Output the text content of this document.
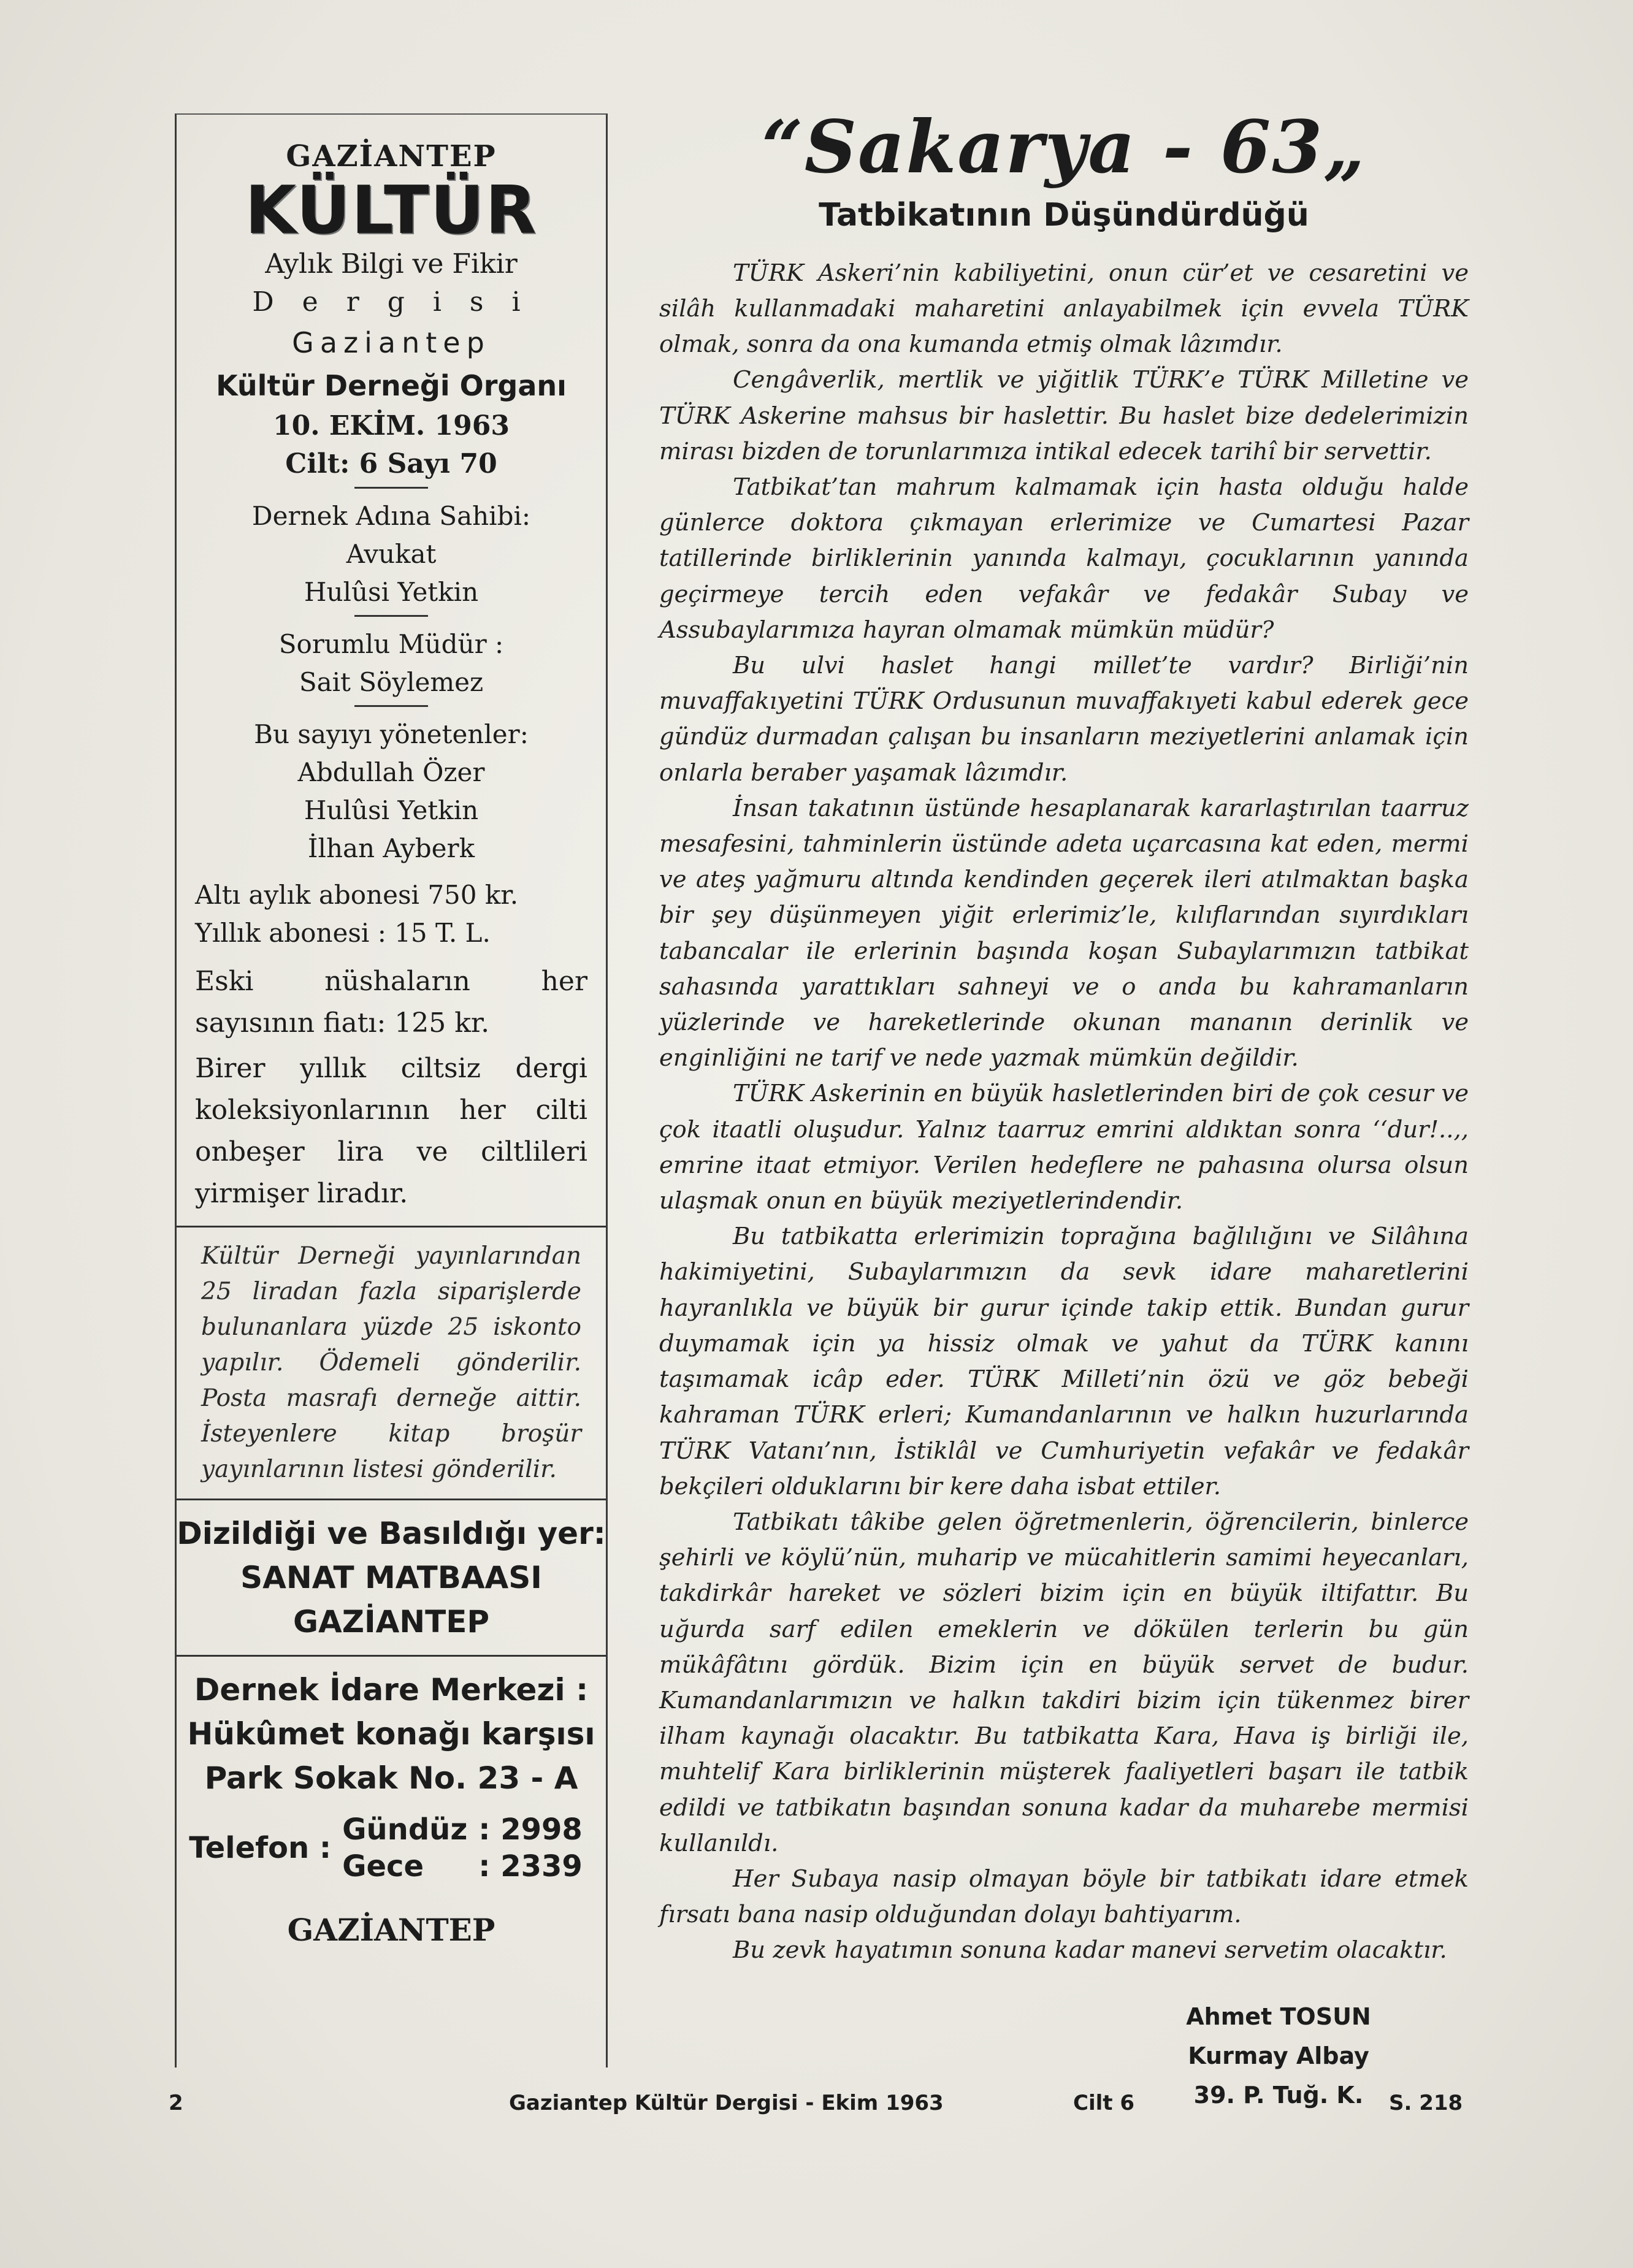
GAZİANTEP
KÜLTÜR
Aylık Bilgi ve Fikir
D e r g i s i
Gaziantep
Kültür Derneği Organı
10. EKİM. 1963
Cilt: 6 Sayı 70
Dernek Adına Sahibi:
Avukat
Hulûsi Yetkin
Sorumlu Müdür :
Sait Söylemez
Bu sayıyı yönetenler:
Abdullah Özer
Hulûsi Yetkin
İlhan Ayberk
Altı aylık abonesi 750 kr.
Yıllık abonesi : 15 T. L.
Eski nüshaların her sayısının fiatı: 125 kr.
Birer yıllık ciltsiz dergi koleksiyonlarının her cilti onbeşer lira ve ciltlileri yirmişer liradır.
Kültür Derneği yayınlarından 25 liradan fazla siparişlerde bulunanlara yüzde 25 iskonto yapılır. Ödemeli gönderilir. Posta masrafı derneğe aittir. İsteyenlere kitap broşür yayınlarının listesi gönderilir.
Dizildiği ve Basıldığı yer:
SANAT MATBAASI
GAZİANTEP
Dernek İdare Merkezi :
Hükûmet konağı karşısı
Park Sokak No. 23 - A
Telefon :
Gündüz : 2998
Gece	: 2339
GAZİANTEP
“Sakarya - 63„
Tatbikatının Düşündürdüğü

TÜRK Askeri’nin kabiliyetini, onun cür’et ve cesaretini ve silâh kullanmadaki maharetini anlayabilmek için evvela TÜRK olmak, sonra da ona kumanda etmiş olmak lâzımdır.

Cengâverlik, mertlik ve yiğitlik TÜRK’e TÜRK Milletine ve TÜRK Askerine mahsus bir haslettir. Bu haslet bize dedelerimizin mirası bizden de torunlarımıza intikal edecek tarihî bir servettir.

Tatbikat’tan mahrum kalmamak için hasta olduğu halde günlerce doktora çıkmayan erlerimize ve Cumartesi Pazar tatillerinde birliklerinin yanında kalmayı, çocuklarının yanında geçirmeye tercih eden vefakâr ve fedakâr Subay ve Assubaylarımıza hayran olmamak mümkün müdür?

Bu ulvi haslet hangi millet’te vardır? Birliği’nin muvaffakıyetini TÜRK Ordusunun muvaffakıyeti kabul ederek gece gündüz durmadan çalışan bu insanların meziyetlerini anlamak için onlarla beraber yaşamak lâzımdır.

İnsan takatının üstünde hesaplanarak kararlaştırılan taarruz mesafesini, tahminlerin üstünde adeta uçarcasına kat eden, mermi ve ateş yağmuru altında kendinden geçerek ileri atılmaktan başka bir şey düşünmeyen yiğit erlerimiz’le, kılıflarından sıyırdıkları tabancalar ile erlerinin başında koşan Subaylarımızın tatbikat sahasında yarattıkları sahneyi ve o anda bu kahramanların yüzlerinde ve hareketlerinde okunan mananın derinlik ve enginliğini ne tarif ve nede yazmak mümkün değildir.

TÜRK Askerinin en büyük hasletlerinden biri de çok cesur ve çok itaatli oluşudur. Yalnız taarruz emrini aldıktan sonra ‘‘dur!..,, emrine itaat etmiyor. Verilen hedeflere ne pahasına olursa olsun ulaşmak onun en büyük meziyetlerindendir.

Bu tatbikatta erlerimizin toprağına bağlılığını ve Silâhına hakimiyetini, Subaylarımızın da sevk idare maharetlerini hayranlıkla ve büyük bir gurur içinde takip ettik. Bundan gurur duymamak için ya hissiz olmak ve yahut da TÜRK kanını taşımamak icâp eder. TÜRK Milleti’nin özü ve göz bebeği kahraman TÜRK erleri; Kumandanlarının ve halkın huzurlarında TÜRK Vatanı’nın, İstiklâl ve Cumhuriyetin vefakâr ve fedakâr bekçileri olduklarını bir kere daha isbat ettiler.

Tatbikatı tâkibe gelen öğretmenlerin, öğrencilerin, binlerce şehirli ve köylü’nün, muharip ve mücahitlerin samimi heyecanları, takdirkâr hareket ve sözleri bizim için en büyük iltifattır. Bu uğurda sarf edilen emeklerin ve dökülen terlerin bu gün mükâfâtını gördük. Bizim için en büyük servet de budur. Kumandanlarımızın ve halkın takdiri bizim için tükenmez birer ilham kaynağı olacaktır. Bu tatbikatta Kara, Hava iş birliği ile, muhtelif Kara birliklerinin müşterek faaliyetleri başarı ile tatbik edildi ve tatbikatın başından sonuna kadar da muharebe mermisi kullanıldı.

Her Subaya nasip olmayan böyle bir tatbikatı idare etmek fırsatı bana nasip olduğundan dolayı bahtiyarım.

Bu zevk hayatımın sonuna kadar manevi servetim olacaktır.

Ahmet TOSUN
Kurmay Albay
39. P. Tuğ. K.
2	Gaziantep Kültür Dergisi - Ekim 1963	Cilt 6	S. 218
